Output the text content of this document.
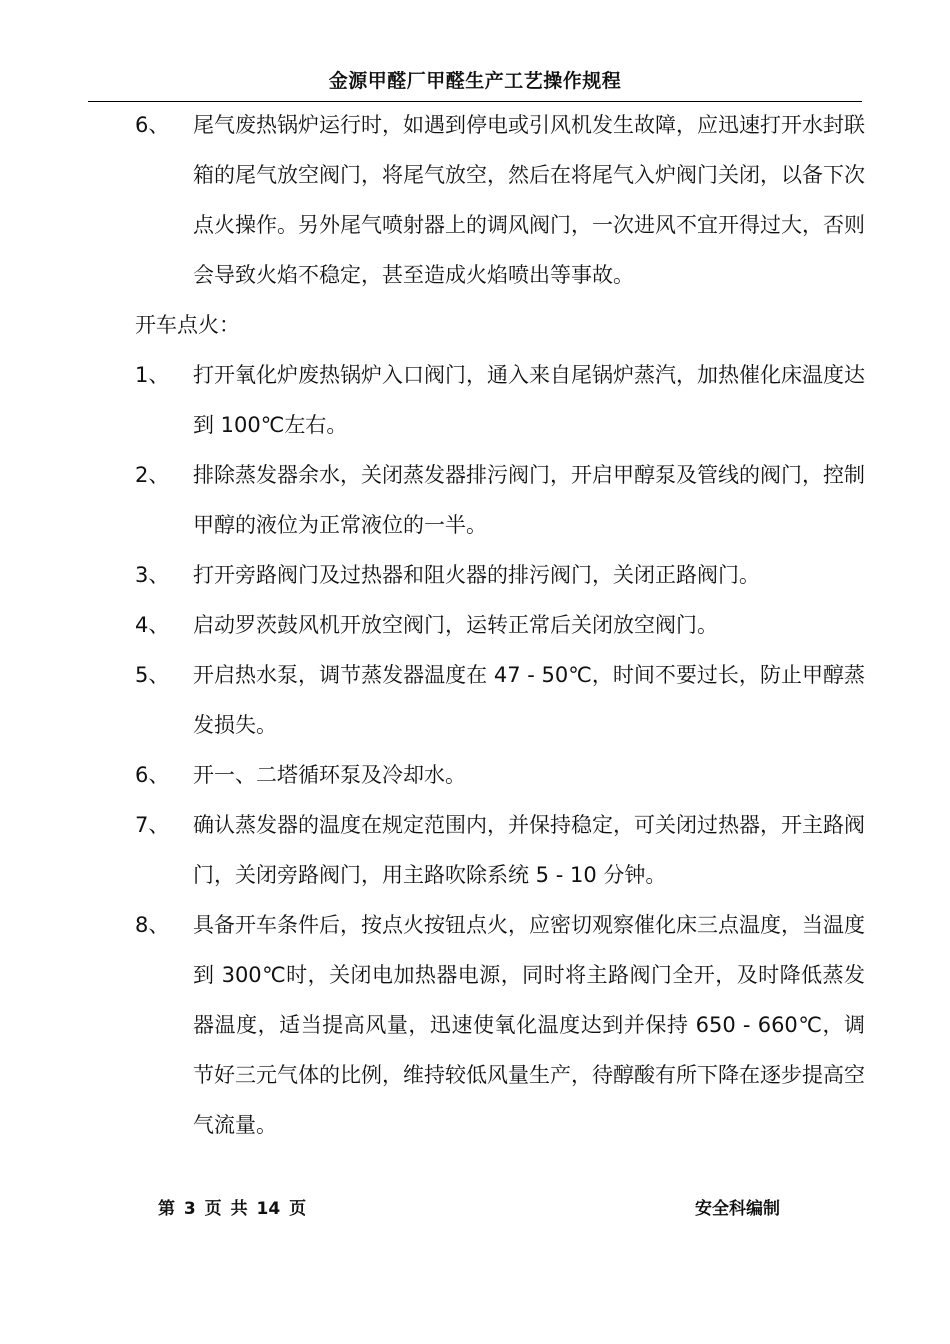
金源甲醛厂甲醛生产工艺操作规程
6、	尾气废热锅炉运行时，如遇到停电或引风机发生故障，应迅速打开水封联箱的尾气放空阀门，将尾气放空，然后在将尾气入炉阀门关闭，以备下次点火操作。另外尾气喷射器上的调风阀门，一次进风不宜开得过大，否则会导致火焰不稳定，甚至造成火焰喷出等事故。
开车点火：
1、	打开氧化炉废热锅炉入口阀门，通入来自尾锅炉蒸汽，加热催化床温度达到 100℃左右。
2、	排除蒸发器余水，关闭蒸发器排污阀门，开启甲醇泵及管线的阀门，控制甲醇的液位为正常液位的一半。
3、	打开旁路阀门及过热器和阻火器的排污阀门，关闭正路阀门。
4、	启动罗茨鼓风机开放空阀门，运转正常后关闭放空阀门。
5、	开启热水泵，调节蒸发器温度在 47 - 50℃，时间不要过长，防止甲醇蒸发损失。
6、	开一、二塔循环泵及冷却水。
7、	确认蒸发器的温度在规定范围内，并保持稳定，可关闭过热器，开主路阀门，关闭旁路阀门，用主路吹除系统 5 - 10 分钟。
8、	具备开车条件后，按点火按钮点火，应密切观察催化床三点温度，当温度到 300℃时，关闭电加热器电源，同时将主路阀门全开，及时降低蒸发器温度，适当提高风量，迅速使氧化温度达到并保持 650 - 660℃，调节好三元气体的比例，维持较低风量生产，待醇酸有所下降在逐步提高空气流量。
第 3 页 共 14 页	安全科编制
